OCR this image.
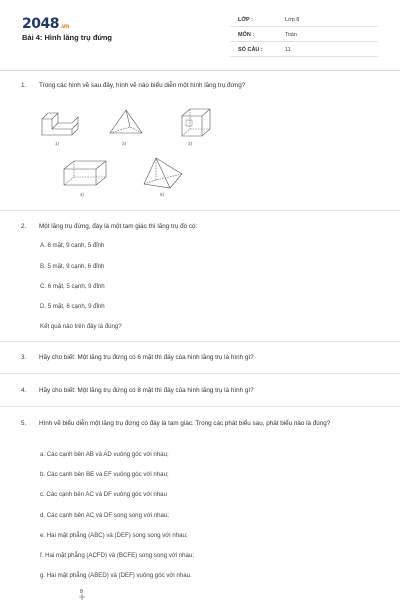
2048.vn
Bài 4: Hình lăng trụ đứng
LỚP :	Lớp 8
MÔN :	Toán
SỐ CÂU :	11
1. Trong các hình vẽ sau đây, hình vẽ nào biểu diễn một hình lăng trụ đứng?
1)	2)	3)
4)	5)
2. Một lăng trụ đứng, đáy là một tam giác thì lăng trụ đó có:
A. 6 mặt, 9 cạnh, 5 đỉnh
B. 5 mặt, 9 cạnh, 6 đỉnh
C. 6 mặt, 5 cạnh, 9 đỉnh
D. 5 mặt, 6 cạnh, 9 đỉnh
Kết quả nào trên đây là đúng?
3. Hãy cho biết: Một lăng trụ đứng có 6 mặt thì đáy của hình lăng trụ là hình gì?
4. Hãy cho biết: Một lăng trụ đứng có 8 mặt thì đáy của hình lăng trụ là hình gì?
5. Hình vẽ biểu diễn một lăng trụ đứng có đáy là tam giác. Trong các phát biểu sau, phát biểu nào là đúng?
a. Các cạnh bên AB và AD vuông góc với nhau;
b. Các cạnh bên BE và EF vuông góc với nhau;
c. Các cạnh bên AC và DF vuông góc với nhau
d. Các cạnh bên AC và DF song song với nhau;
e. Hai mặt phẳng (ABC) và (DEF) song song với nhau;
f. Hai mặt phẳng (ACFD) và (BCFE) song song với nhau;
g. Hai mặt phẳng (ABED) và (DEF) vuông góc với nhau.
B
